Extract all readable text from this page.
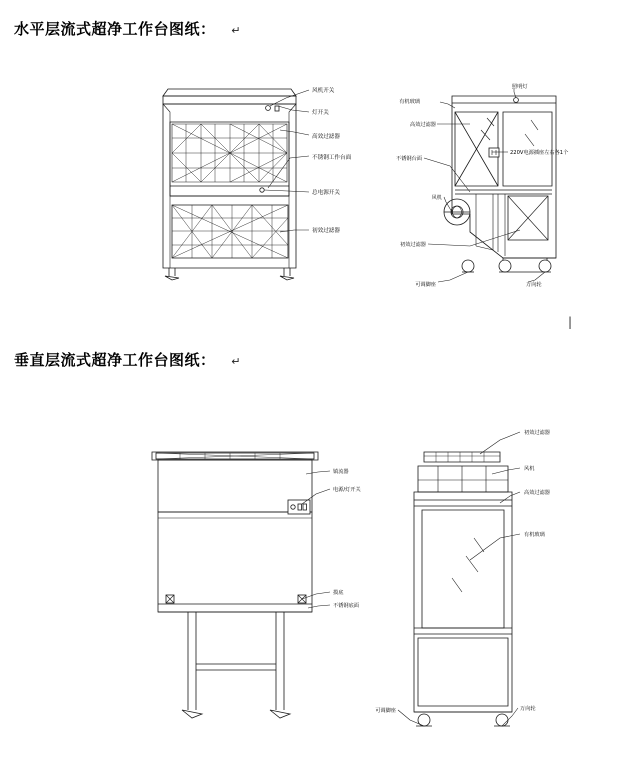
水平层流式超净工作台图纸： ↵
垂直层流式超净工作台图纸： ↵
|
风机开关
灯开关
高效过滤器
不锈钢工作台面
总电源开关
初效过滤器
有机玻璃
照明灯
高效过滤器
不锈钢台面
220V电源插座左右各1个
风机
初效过滤器
可调脚座	万向轮
镇流器
电源/灯开关
摸底
不锈钢底面
初效过滤器
风机
高效过滤器
有机玻璃
可调脚座	万向轮
